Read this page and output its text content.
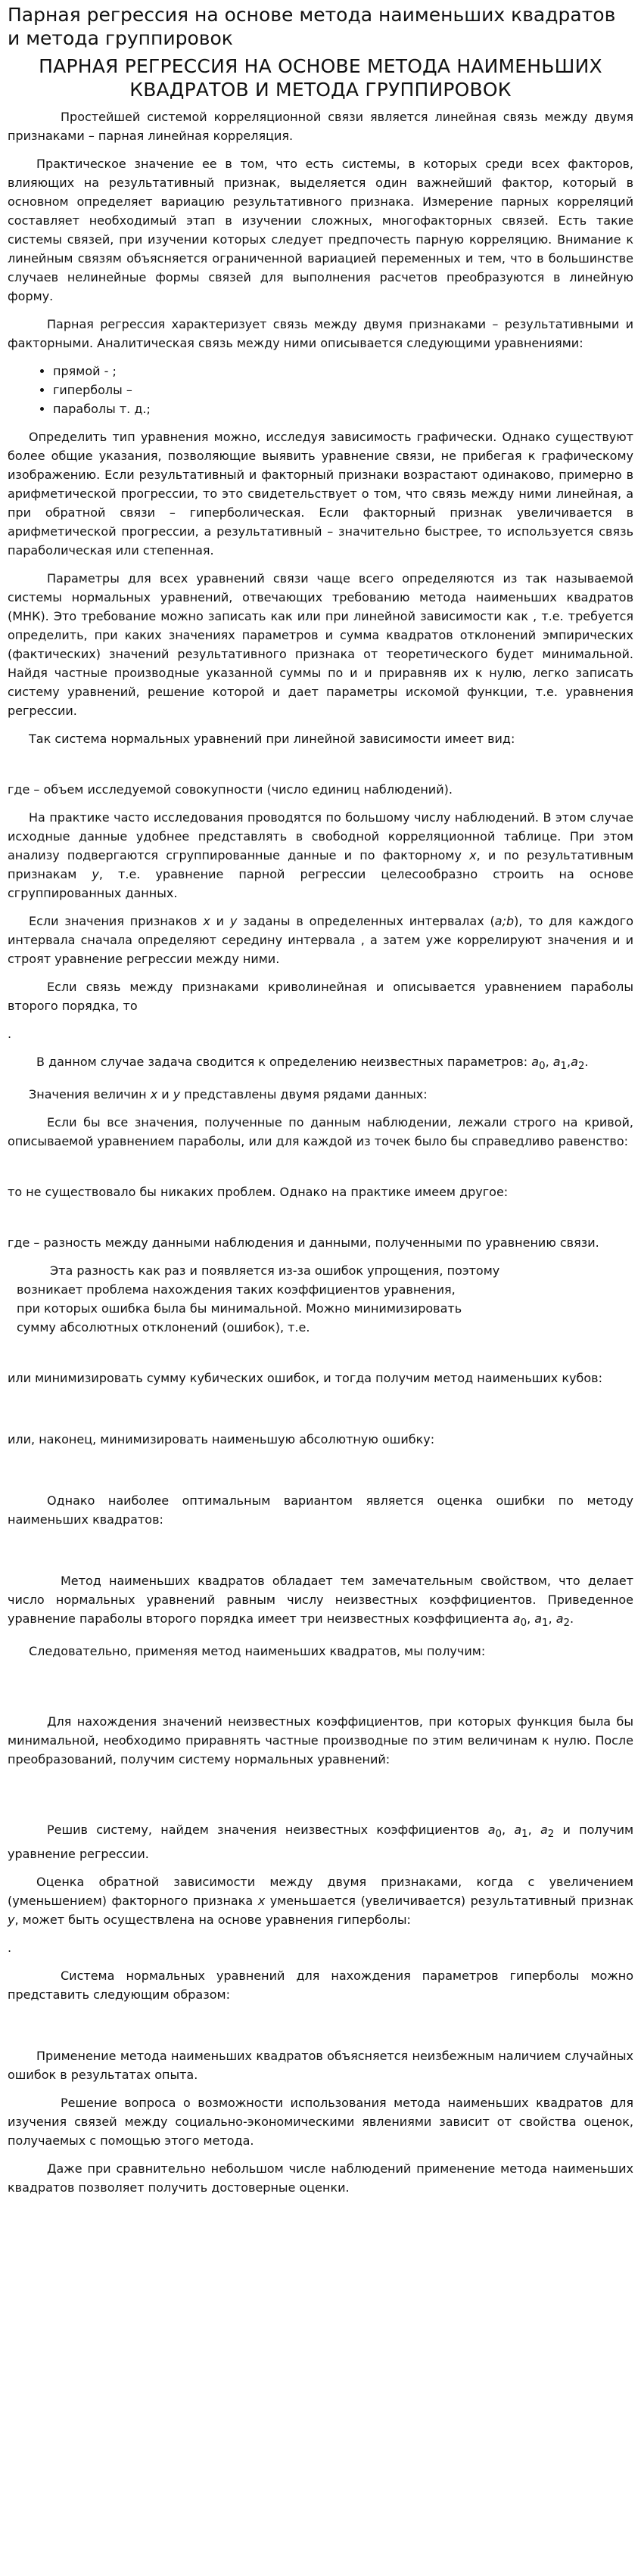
Парная регрессия на основе метода наименьших квадратов и метода группировок
ПАРНАЯ РЕГРЕССИЯ НА ОСНОВЕ МЕТОДА НАИМЕНЬШИХ КВАДРАТОВ И МЕТОДА ГРУППИРОВОК

Простейшей системой корреляционной связи является линейная связь между двумя признаками – парная линейная корреляция.

Практическое значение ее в том, что есть системы, в которых среди всех факторов, влияющих на результативный признак, выделяется один важнейший фактор, который в основном определяет вариацию результативного признака. Измерение парных корреляций составляет необходимый этап в изучении сложных, многофакторных связей. Есть такие системы связей, при изучении которых следует предпочесть парную корреляцию. Внимание к линейным связям объясняется ограниченной вариацией переменных и тем, что в большинстве случаев нелинейные формы связей для выполнения расчетов преобразуются в линейную форму.

Парная регрессия характеризует связь между двумя признаками – результативными и факторными. Аналитическая связь между ними описывается следующими уравнениями:

• прямой - ;
• гиперболы –
• параболы т. д.;

Определить тип уравнения можно, исследуя зависимость графически. Однако существуют более общие указания, позволяющие выявить уравнение связи, не прибегая к графическому изображению. Если результативный и факторный признаки возрастают одинаково, примерно в арифметической прогрессии, то это свидетельствует о том, что связь между ними линейная, а при обратной связи – гиперболическая. Если факторный признак увеличивается в арифметической прогрессии, а результативный – значительно быстрее, то используется связь параболическая или степенная.

Параметры для всех уравнений связи чаще всего определяются из так называемой системы нормальных уравнений, отвечающих требованию метода наименьших квадратов (МНК). Это требование можно записать как или при линейной зависимости как , т.е. требуется определить, при каких значениях параметров и сумма квадратов отклонений эмпирических (фактических) значений результативного признака от теоретического будет минимальной. Найдя частные производные указанной суммы по и и приравняв их к нулю, легко записать систему уравнений, решение которой и дает параметры искомой функции, т.е. уравнения регрессии.

Так система нормальных уравнений при линейной зависимости имеет вид:

где – объем исследуемой совокупности (число единиц наблюдений).

На практике часто исследования проводятся по большому числу наблюдений. В этом случае исходные данные удобнее представлять в свободной корреляционной таблице. При этом анализу подвергаются сгруппированные данные и по факторному x, и по результативным признакам y, т.е. уравнение парной регрессии целесообразно строить на основе сгруппированных данных.

Если значения признаков x и y заданы в определенных интервалах (a;b), то для каждого интервала сначала определяют середину интервала , а затем уже коррелируют значения и и строят уравнение регрессии между ними.

Если связь между признаками криволинейная и описывается уравнением параболы второго порядка, то

.

В данном случае задача сводится к определению неизвестных параметров: $a_0$, $a_1,a_2$.

Значения величин x и y представлены двумя рядами данных:

Если бы все значения, полученные по данным наблюдении, лежали строго на кривой, описываемой уравнением параболы, или для каждой из точек было бы справедливо равенство:

то не существовало бы никаких проблем. Однако на практике имеем другое:

где – разность между данными наблюдения и данными, полученными по уравнению связи.

Эта разность как раз и появляется из-за ошибок упрощения, поэтому
возникает проблема нахождения таких коэффициентов уравнения,
при которых ошибка была бы минимальной. Можно минимизировать
сумму абсолютных отклонений (ошибок), т.е.

или минимизировать сумму кубических ошибок, и тогда получим метод наименьших кубов:

или, наконец, минимизировать наименьшую абсолютную ошибку:

Однако наиболее оптимальным вариантом является оценка ошибки по методу наименьших квадратов:

Метод наименьших квадратов обладает тем замечательным свойством, что делает число нормальных уравнений равным числу неизвестных коэффициентов. Приведенное уравнение параболы второго порядка имеет три неизвестных коэффициента $a_0$, $a_1$, $a_2$.

Следовательно, применяя метод наименьших квадратов, мы получим:

Для нахождения значений неизвестных коэффициентов, при которых функция была бы минимальной, необходимо приравнять частные производные по этим величинам к нулю. После преобразований, получим систему нормальных уравнений:

Решив систему, найдем значения неизвестных коэффициентов $a_0$, $a_1$, $a_2$ и получим уравнение регрессии.

Оценка обратной зависимости между двумя признаками, когда с увеличением (уменьшением) факторного признака x уменьшается (увеличивается) результативный признак y, может быть осуществлена на основе уравнения гиперболы:

.

Система нормальных уравнений для нахождения параметров гиперболы можно представить следующим образом:

Применение метода наименьших квадратов объясняется неизбежным наличием случайных ошибок в результатах опыта.

Решение вопроса о возможности использования метода наименьших квадратов для изучения связей между социально-экономическими явлениями зависит от свойства оценок, получаемых с помощью этого метода.

Даже при сравнительно небольшом числе наблюдений применение метода наименьших квадратов позволяет получить достоверные оценки.
